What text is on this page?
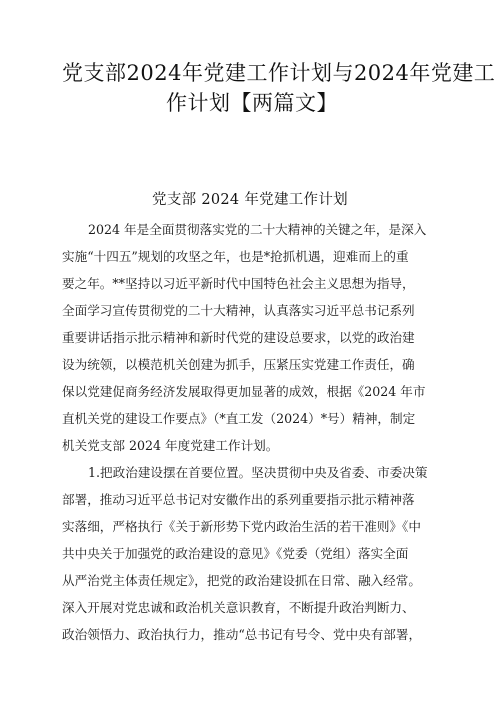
党支部2024年党建工作计划与2024年党建工
作计划【两篇文】
党支部 2024 年党建工作计划
2024 年是全面贯彻落实党的二十大精神的关键之年，是深入
实施“十四五”规划的攻坚之年，也是*抢抓机遇，迎难而上的重
要之年。**坚持以习近平新时代中国特色社会主义思想为指导，
全面学习宣传贯彻党的二十大精神，认真落实习近平总书记系列
重要讲话指示批示精神和新时代党的建设总要求，以党的政治建
设为统领，以模范机关创建为抓手，压紧压实党建工作责任，确
保以党建促商务经济发展取得更加显著的成效，根据《2024 年市
直机关党的建设工作要点》（*直工发（2024）*号）精神，制定
机关党支部 2024 年度党建工作计划。
1.把政治建设摆在首要位置。坚决贯彻中央及省委、市委决策
部署，推动习近平总书记对安徽作出的系列重要指示批示精神落
实落细，严格执行《关于新形势下党内政治生活的若干准则》《中
共中央关于加强党的政治建设的意见》《党委（党组）落实全面
从严治党主体责任规定》，把党的政治建设抓在日常、融入经常。
深入开展对党忠诚和政治机关意识教育，不断提升政治判断力、
政治领悟力、政治执行力，推动“总书记有号令、党中央有部署，
